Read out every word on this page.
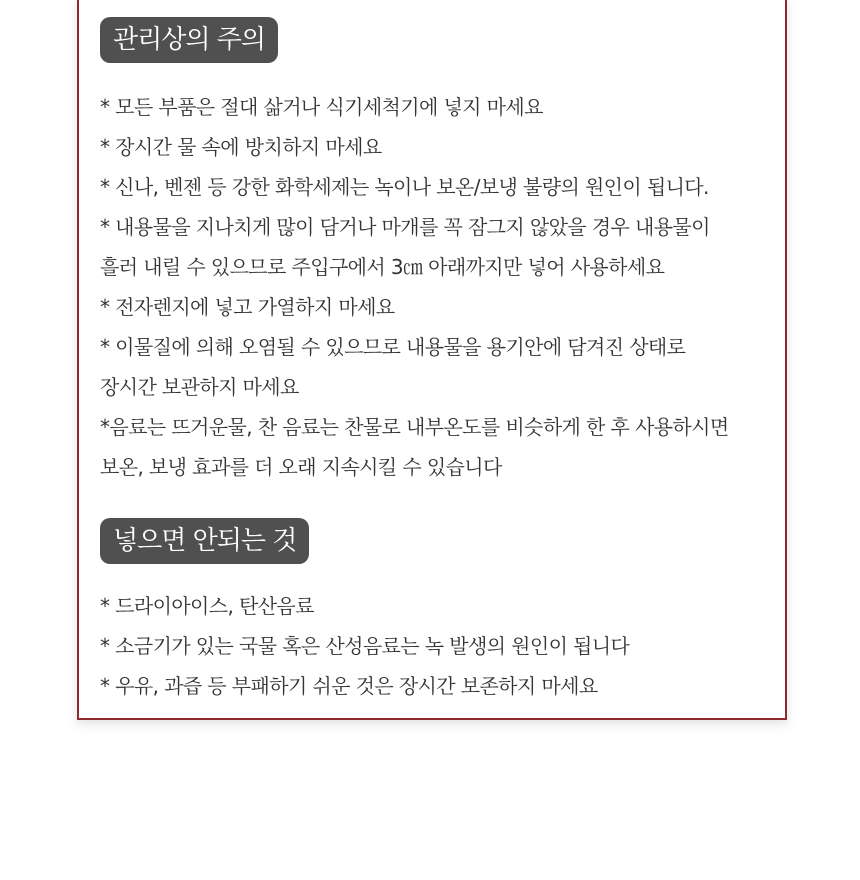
관리상의 주의
* 모든 부품은 절대 삶거나 식기세척기에 넣지 마세요
* 장시간 물 속에 방치하지 마세요
* 신나, 벤젠 등 강한 화학세제는 녹이나 보온/보냉 불량의 원인이 됩니다.
* 내용물을 지나치게 많이 담거나 마개를 꼭 잠그지 않았을 경우 내용물이
흘러 내릴 수 있으므로 주입구에서 3㎝ 아래까지만 넣어 사용하세요
* 전자렌지에 넣고 가열하지 마세요
* 이물질에 의해 오염될 수 있으므로 내용물을 용기안에 담겨진 상태로
장시간 보관하지 마세요
*음료는 뜨거운물, 찬 음료는 찬물로 내부온도를 비슷하게 한 후 사용하시면
보온, 보냉 효과를 더 오래 지속시킬 수 있습니다
넣으면 안되는 것
* 드라이아이스, 탄산음료
* 소금기가 있는 국물 혹은 산성음료는 녹 발생의 원인이 됩니다
* 우유, 과즙 등 부패하기 쉬운 것은 장시간 보존하지 마세요
